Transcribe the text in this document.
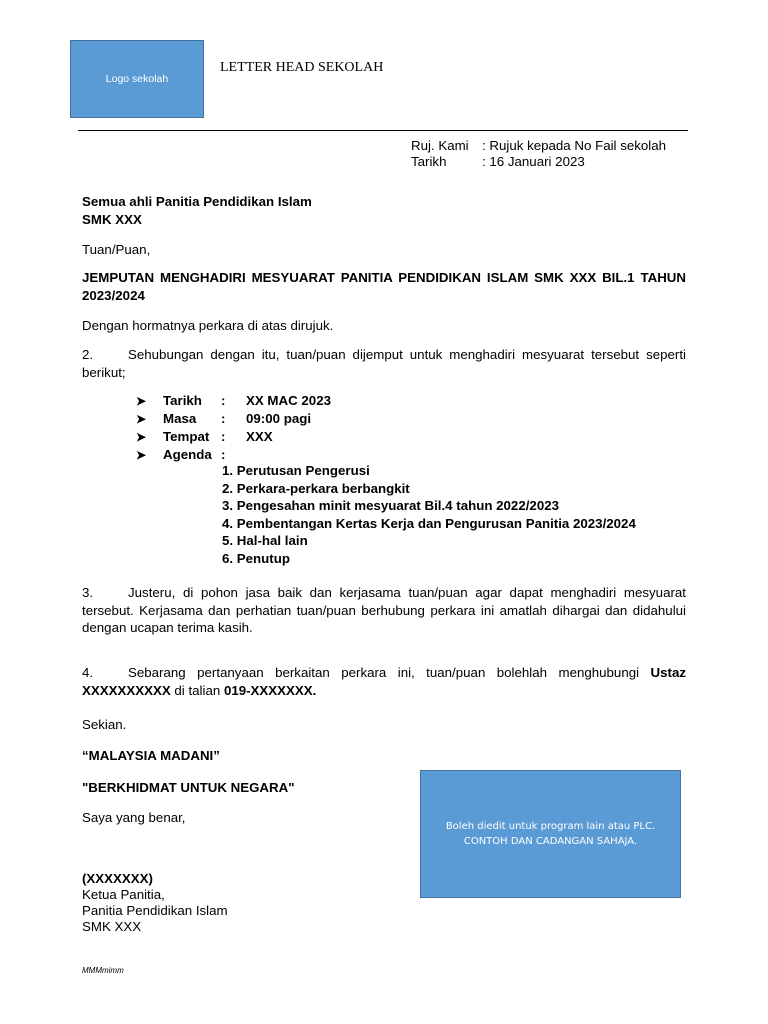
Logo sekolah
LETTER HEAD SEKOLAH
Ruj. Kami : Rujuk kepada No Fail sekolah
Tarikh	: 16 Januari 2023
Semua ahli Panitia Pendidikan Islam
SMK XXX
Tuan/Puan,
JEMPUTAN MENGHADIRI MESYUARAT PANITIA PENDIDIKAN ISLAM SMK XXX BIL.1 TAHUN 2023/2024
Dengan hormatnya perkara di atas dirujuk.
2.	Sehubungan dengan itu, tuan/puan dijemput untuk menghadiri mesyuarat tersebut seperti berikut;
➤ Tarikh : XX MAC 2023
➤ Masa : 09:00 pagi
➤ Tempat : XXX
➤ Agenda :
1. Perutusan Pengerusi
2. Perkara-perkara berbangkit
3. Pengesahan minit mesyuarat Bil.4 tahun 2022/2023
4. Pembentangan Kertas Kerja dan Pengurusan Panitia 2023/2024
5. Hal-hal lain
6. Penutup
3.	Justeru, di pohon jasa baik dan kerjasama tuan/puan agar dapat menghadiri mesyuarat tersebut. Kerjasama dan perhatian tuan/puan berhubung perkara ini amatlah dihargai dan didahului dengan ucapan terima kasih.
4.	Sebarang pertanyaan berkaitan perkara ini, tuan/puan bolehlah menghubungi Ustaz XXXXXXXXXX di talian 019-XXXXXXX.
Sekian.
“MALAYSIA MADANI”
"BERKHIDMAT UNTUK NEGARA"
Saya yang benar,
Boleh diedit untuk program lain atau PLC.
CONTOH DAN CADANGAN SAHAJA.
(XXXXXXX)
Ketua Panitia,
Panitia Pendidikan Islam
SMK XXX
MMMmimm
